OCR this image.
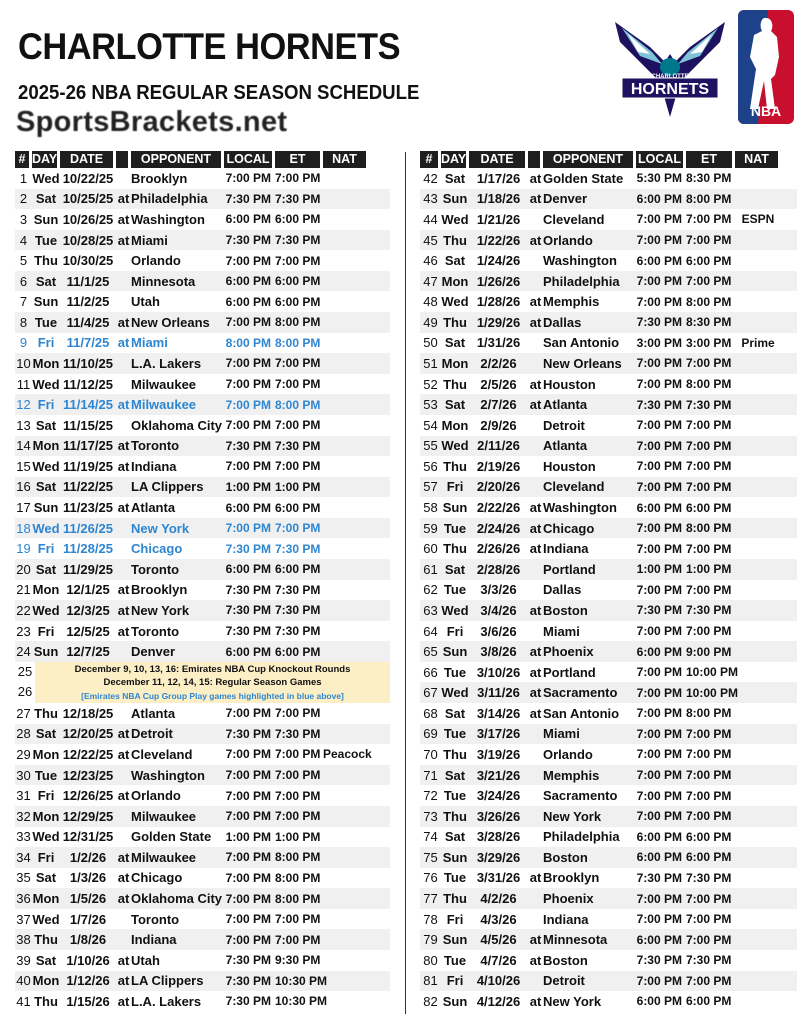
CHARLOTTE HORNETS
2025-26 NBA REGULAR SEASON SCHEDULE
SportsBrackets.net
HORNETS
CHARLOTTE
NBA
# DAY	DATE	OPPONENT	LOCAL	ET	NAT TV
1 Wed 10/22/25 Brooklyn	7:00 PM 7:00 PM
2 Sat 10/25/25 at Philadelphia	7:30 PM 7:30 PM
3 Sun 10/26/25 at Washington	6:00 PM 6:00 PM
4 Tue 10/28/25 at Miami	7:30 PM 7:30 PM
5 Thu 10/30/25 Orlando	7:00 PM 7:00 PM
6 Sat 11/1/25	Minnesota	6:00 PM 6:00 PM
7 Sun 11/2/25	Utah	6:00 PM 6:00 PM
8 Tue 11/4/25 at New Orleans	7:00 PM 8:00 PM
9 Fri 11/7/25 at Miami	8:00 PM 8:00 PM
10 Mon 11/10/25 L.A. Lakers	7:00 PM 7:00 PM
11 Wed 11/12/25 Milwaukee	7:00 PM 7:00 PM
12 Fri 11/14/25 at Milwaukee	7:00 PM 8:00 PM
13 Sat 11/15/25 Oklahoma City 7:00 PM 7:00 PM
14 Mon 11/17/25 at Toronto	7:30 PM 7:30 PM
15 Wed 11/19/25 at Indiana	7:00 PM 7:00 PM
16 Sat 11/22/25 LA Clippers	1:00 PM 1:00 PM
17 Sun 11/23/25 at Atlanta	6:00 PM 6:00 PM
18 Wed 11/26/25 New York	7:00 PM 7:00 PM
19 Fri 11/28/25 Chicago	7:30 PM 7:30 PM
20 Sat 11/29/25 Toronto	6:00 PM 6:00 PM
21 Mon 12/1/25 at Brooklyn	7:30 PM 7:30 PM
22 Wed 12/3/25 at New York	7:30 PM 7:30 PM
23 Fri 12/5/25 at Toronto	7:30 PM 7:30 PM
24 Sun 12/7/25	Denver	6:00 PM 6:00 PM
25
26
December 9, 10, 13, 16: Emirates NBA Cup Knockout Rounds
December 11, 12, 14, 15: Regular Season Games
[Emirates NBA Cup Group Play games highlighted in blue above]
27 Thu 12/18/25 Atlanta	7:00 PM 7:00 PM
28 Sat 12/20/25 at Detroit	7:30 PM 7:30 PM
29 Mon 12/22/25 at Cleveland	7:00 PM 7:00 PM Peacock
30 Tue 12/23/25 Washington	7:00 PM 7:00 PM
31 Fri 12/26/25 at Orlando	7:00 PM 7:00 PM
32 Mon 12/29/25 Milwaukee	7:00 PM 7:00 PM
33 Wed 12/31/25 Golden State	1:00 PM 1:00 PM
34 Fri	1/2/26 at Milwaukee	7:00 PM 8:00 PM
35 Sat	1/3/26 at Chicago	7:00 PM 8:00 PM
36 Mon 1/5/26 at Oklahoma City 7:00 PM 8:00 PM
37 Wed 1/7/26	Toronto	7:00 PM 7:00 PM
38 Thu 1/8/26	Indiana	7:00 PM 7:00 PM
39 Sat 1/10/26 at Utah	7:30 PM 9:30 PM
40 Mon 1/12/26 at LA Clippers	7:30 PM 10:30 PM
41 Thu 1/15/26 at L.A. Lakers	7:30 PM 10:30 PM
# DAY	DATE	OPPONENT	LOCAL	ET	NAT TV
42 Sat 1/17/26 at Golden State	5:30 PM 8:30 PM
43 Sun 1/18/26 at Denver	6:00 PM 8:00 PM
44 Wed 1/21/26	Cleveland	7:00 PM 7:00 PM ESPN
45 Thu 1/22/26 at Orlando	7:00 PM 7:00 PM
46 Sat 1/24/26	Washington	6:00 PM 6:00 PM
47 Mon 1/26/26	Philadelphia	7:00 PM 7:00 PM
48 Wed 1/28/26 at Memphis	7:00 PM 8:00 PM
49 Thu 1/29/26 at Dallas	7:30 PM 8:30 PM
50 Sat 1/31/26	San Antonio	3:00 PM 3:00 PM Prime
51 Mon 2/2/26	New Orleans	7:00 PM 7:00 PM
52 Thu	2/5/26	at Houston	7:00 PM 8:00 PM
53 Sat	2/7/26	at Atlanta	7:30 PM 7:30 PM
54 Mon 2/9/26	Detroit	7:00 PM 7:00 PM
55 Wed 2/11/26	Atlanta	7:00 PM 7:00 PM
56 Thu 2/19/26	Houston	7:00 PM 7:00 PM
57 Fri	2/20/26	Cleveland	7:00 PM 7:00 PM
58 Sun 2/22/26 at Washington	6:00 PM 6:00 PM
59 Tue 2/24/26 at Chicago	7:00 PM 8:00 PM
60 Thu 2/26/26 at Indiana	7:00 PM 7:00 PM
61 Sat 2/28/26	Portland	1:00 PM 1:00 PM
62 Tue	3/3/26	Dallas	7:00 PM 7:00 PM
63 Wed 3/4/26	at Boston	7:30 PM 7:30 PM
64 Fri	3/6/26	Miami	7:00 PM 7:00 PM
65 Sun	3/8/26	at Phoenix	6:00 PM 9:00 PM
66 Tue 3/10/26 at Portland	7:00 PM 10:00 PM
67 Wed 3/11/26 at Sacramento	7:00 PM 10:00 PM
68 Sat 3/14/26 at San Antonio	7:00 PM 8:00 PM
69 Tue 3/17/26	Miami	7:00 PM 7:00 PM
70 Thu 3/19/26	Orlando	7:00 PM 7:00 PM
71 Sat 3/21/26	Memphis	7:00 PM 7:00 PM
72 Tue 3/24/26	Sacramento	7:00 PM 7:00 PM
73 Thu 3/26/26	New York	7:00 PM 7:00 PM
74 Sat 3/28/26	Philadelphia	6:00 PM 6:00 PM
75 Sun 3/29/26	Boston	6:00 PM 6:00 PM
76 Tue 3/31/26 at Brooklyn	7:30 PM 7:30 PM
77 Thu	4/2/26	Phoenix	7:00 PM 7:00 PM
78 Fri	4/3/26	Indiana	7:00 PM 7:00 PM
79 Sun	4/5/26	at Minnesota	6:00 PM 7:00 PM
80 Tue	4/7/26	at Boston	7:30 PM 7:30 PM
81 Fri	4/10/26	Detroit	7:00 PM 7:00 PM
82 Sun 4/12/26 at New York	6:00 PM 6:00 PM
